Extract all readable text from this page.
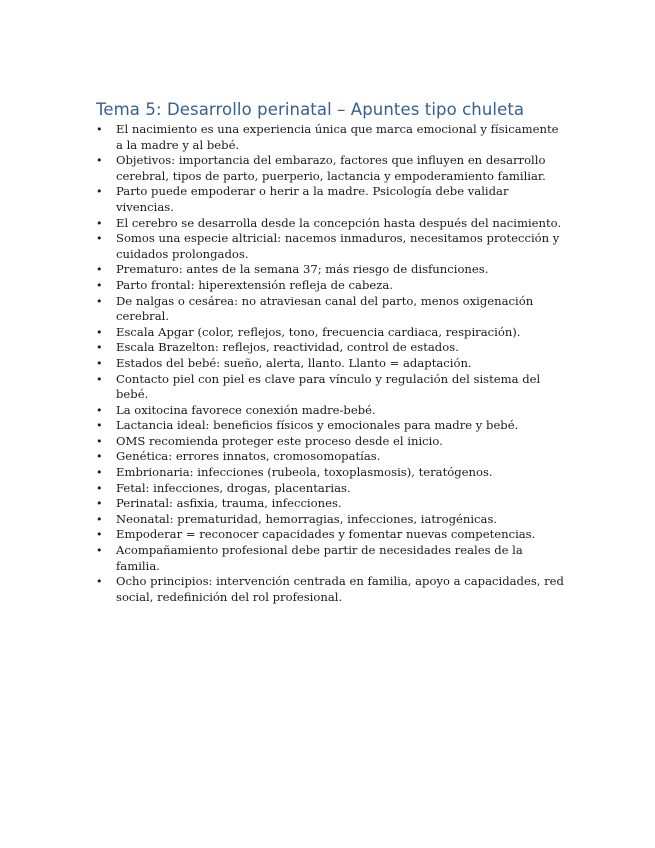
Tema 5: Desarrollo perinatal – Apuntes tipo chuleta
• El nacimiento es una experiencia única que marca emocional y físicamente a la madre y al bebé.
• Objetivos: importancia del embarazo, factores que influyen en desarrollo cerebral, tipos de parto, puerperio, lactancia y empoderamiento familiar.
• Parto puede empoderar o herir a la madre. Psicología debe validar vivencias.
• El cerebro se desarrolla desde la concepción hasta después del nacimiento.
• Somos una especie altricial: nacemos inmaduros, necesitamos protección y cuidados prolongados.
• Prematuro: antes de la semana 37; más riesgo de disfunciones.
• Parto frontal: hiperextensión refleja de cabeza.
• De nalgas o cesárea: no atraviesan canal del parto, menos oxigenación cerebral.
• Escala Apgar (color, reflejos, tono, frecuencia cardiaca, respiración).
• Escala Brazelton: reflejos, reactividad, control de estados.
• Estados del bebé: sueño, alerta, llanto. Llanto = adaptación.
• Contacto piel con piel es clave para vínculo y regulación del sistema del bebé.
• La oxitocina favorece conexión madre-bebé.
• Lactancia ideal: beneficios físicos y emocionales para madre y bebé.
• OMS recomienda proteger este proceso desde el inicio.
• Genética: errores innatos, cromosomopatías.
• Embrionaria: infecciones (rubeola, toxoplasmosis), teratógenos.
• Fetal: infecciones, drogas, placentarias.
• Perinatal: asfixia, trauma, infecciones.
• Neonatal: prematuridad, hemorragias, infecciones, iatrogénicas.
• Empoderar = reconocer capacidades y fomentar nuevas competencias.
• Acompañamiento profesional debe partir de necesidades reales de la familia.
• Ocho principios: intervención centrada en familia, apoyo a capacidades, red social, redefinición del rol profesional.
